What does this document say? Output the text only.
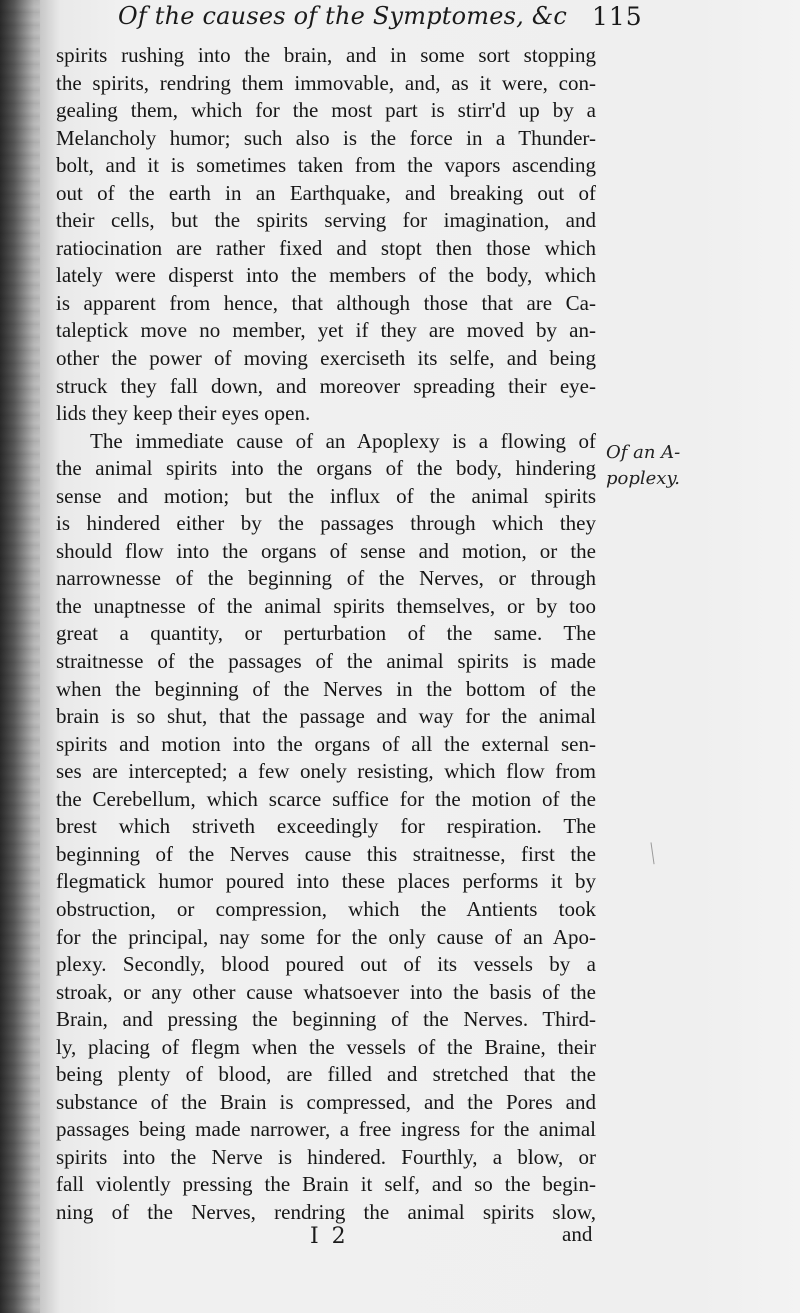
Of the causes of the Symptomes, &c 115
spirits rushing into the brain, and in some sort stopping
the spirits, rendring them immovable, and, as it were, con-
gealing them, which for the most part is stirr'd up by a
Melancholy humor; such also is the force in a Thunder-
bolt, and it is sometimes taken from the vapors ascending
out of the earth in an Earthquake, and breaking out of
their cells, but the spirits serving for imagination, and
ratiocination are rather fixed and stopt then those which
lately were disperst into the members of the body, which
is apparent from hence, that although those that are Ca-
taleptick move no member, yet if they are moved by an-
other the power of moving exerciseth its selfe, and being
struck they fall down, and moreover spreading their eye-
lids they keep their eyes open.
The immediate cause of an Apoplexy is a flowing of
the animal spirits into the organs of the body, hindering
sense and motion; but the influx of the animal spirits
is hindered either by the passages through which they
should flow into the organs of sense and motion, or the
narrownesse of the beginning of the Nerves, or through
the unaptnesse of the animal spirits themselves, or by too
great a quantity, or perturbation of the same. The
straitnesse of the passages of the animal spirits is made
when the beginning of the Nerves in the bottom of the
brain is so shut, that the passage and way for the animal
spirits and motion into the organs of all the external sen-
ses are intercepted; a few onely resisting, which flow from
the Cerebellum, which scarce suffice for the motion of the
brest which striveth exceedingly for respiration. The
beginning of the Nerves cause this straitnesse, first the
flegmatick humor poured into these places performs it by
obstruction, or compression, which the Antients took
for the principal, nay some for the only cause of an Apo-
plexy. Secondly, blood poured out of its vessels by a
stroak, or any other cause whatsoever into the basis of the
Brain, and pressing the beginning of the Nerves. Third-
ly, placing of flegm when the vessels of the Braine, their
being plenty of blood, are filled and stretched that the
substance of the Brain is compressed, and the Pores and
passages being made narrower, a free ingress for the animal
spirits into the Nerve is hindered. Fourthly, a blow, or
fall violently pressing the Brain it self, and so the begin-
ning of the Nerves, rendring the animal spirits slow,
Of an A-
poplexy.
I 2	and
